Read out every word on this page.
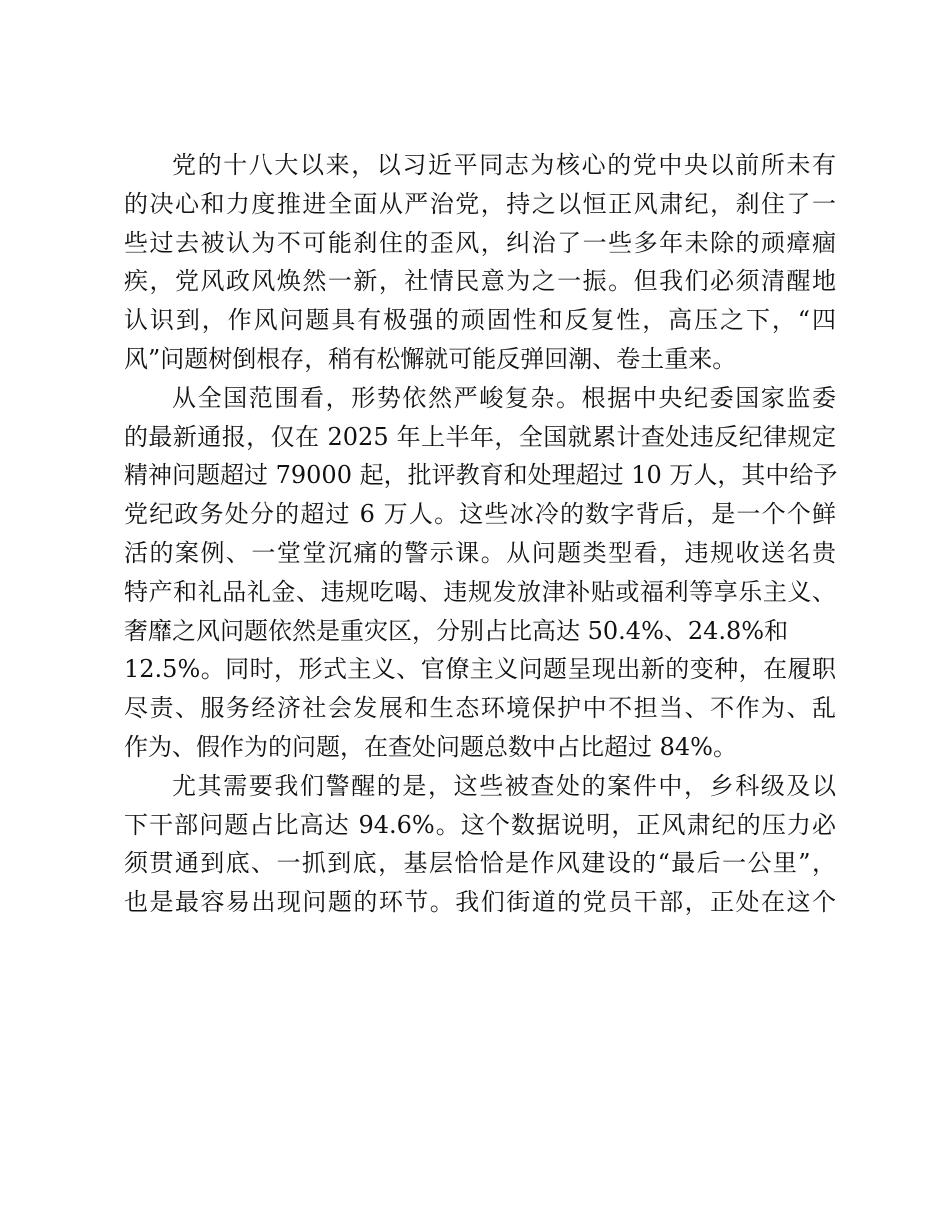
党的十八大以来，以习近平同志为核心的党中央以前所未有
的决心和力度推进全面从严治党，持之以恒正风肃纪，刹住了一
些过去被认为不可能刹住的歪风，纠治了一些多年未除的顽瘴痼
疾，党风政风焕然一新，社情民意为之一振。但我们必须清醒地
认识到，作风问题具有极强的顽固性和反复性，高压之下，“四
风”问题树倒根存，稍有松懈就可能反弹回潮、卷土重来。
从全国范围看，形势依然严峻复杂。根据中央纪委国家监委
的最新通报，仅在 2025 年上半年，全国就累计查处违反纪律规定
精神问题超过 79000 起，批评教育和处理超过 10 万人，其中给予
党纪政务处分的超过 6 万人。这些冰冷的数字背后，是一个个鲜
活的案例、一堂堂沉痛的警示课。从问题类型看，违规收送名贵
特产和礼品礼金、违规吃喝、违规发放津补贴或福利等享乐主义、
奢靡之风问题依然是重灾区，分别占比高达 50.4%、24.8%和
12.5%。同时，形式主义、官僚主义问题呈现出新的变种，在履职
尽责、服务经济社会发展和生态环境保护中不担当、不作为、乱
作为、假作为的问题，在查处问题总数中占比超过 84%。
尤其需要我们警醒的是，这些被查处的案件中，乡科级及以
下干部问题占比高达 94.6%。这个数据说明，正风肃纪的压力必
须贯通到底、一抓到底，基层恰恰是作风建设的“最后一公里”，
也是最容易出现问题的环节。我们街道的党员干部，正处在这个
